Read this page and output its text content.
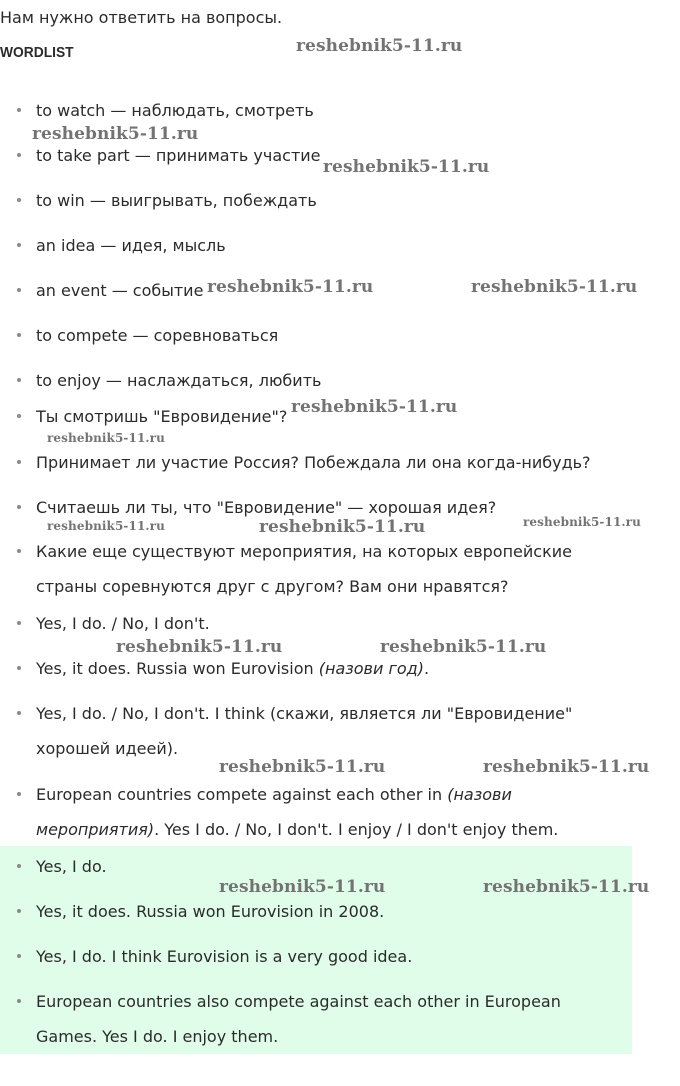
Нам нужно ответить на вопросы.
WORDLIST
to watch — наблюдать, смотреть
to take part — принимать участие
to win — выигрывать, побеждать
an idea — идея, мысль
an event — событие
to compete — соревноваться
to enjoy — наслаждаться, любить
Ты смотришь "Евровидение"?
Принимает ли участие Россия? Побеждала ли она когда-нибудь?
Считаешь ли ты, что "Евровидение" — хорошая идея?
Какие еще существуют мероприятия, на которых европейские страны соревнуются друг с другом? Вам они нравятся?
Yes, I do. / No, I don't.
Yes, it does. Russia won Eurovision (назови год).
Yes, I do. / No, I don't. I think (скажи, является ли "Евровидение" хорошей идеей).
European countries compete against each other in (назови мероприятия). Yes I do. / No, I don't. I enjoy / I don't enjoy them.
Yes, I do.
Yes, it does. Russia won Eurovision in 2008.
Yes, I do. I think Eurovision is a very good idea.
European countries also compete against each other in European Games. Yes I do. I enjoy them.
reshebnik5-11.ru
reshebnik5-11.ru
reshebnik5-11.ru
reshebnik5-11.ru	reshebnik5-11.ru
reshebnik5-11.ru
reshebnik5-11.ru
reshebnik5-11.ru	reshebnik5-11.ru	reshebnik5-11.ru
reshebnik5-11.ru	reshebnik5-11.ru
reshebnik5-11.ru	reshebnik5-11.ru
reshebnik5-11.ru	reshebnik5-11.ru
